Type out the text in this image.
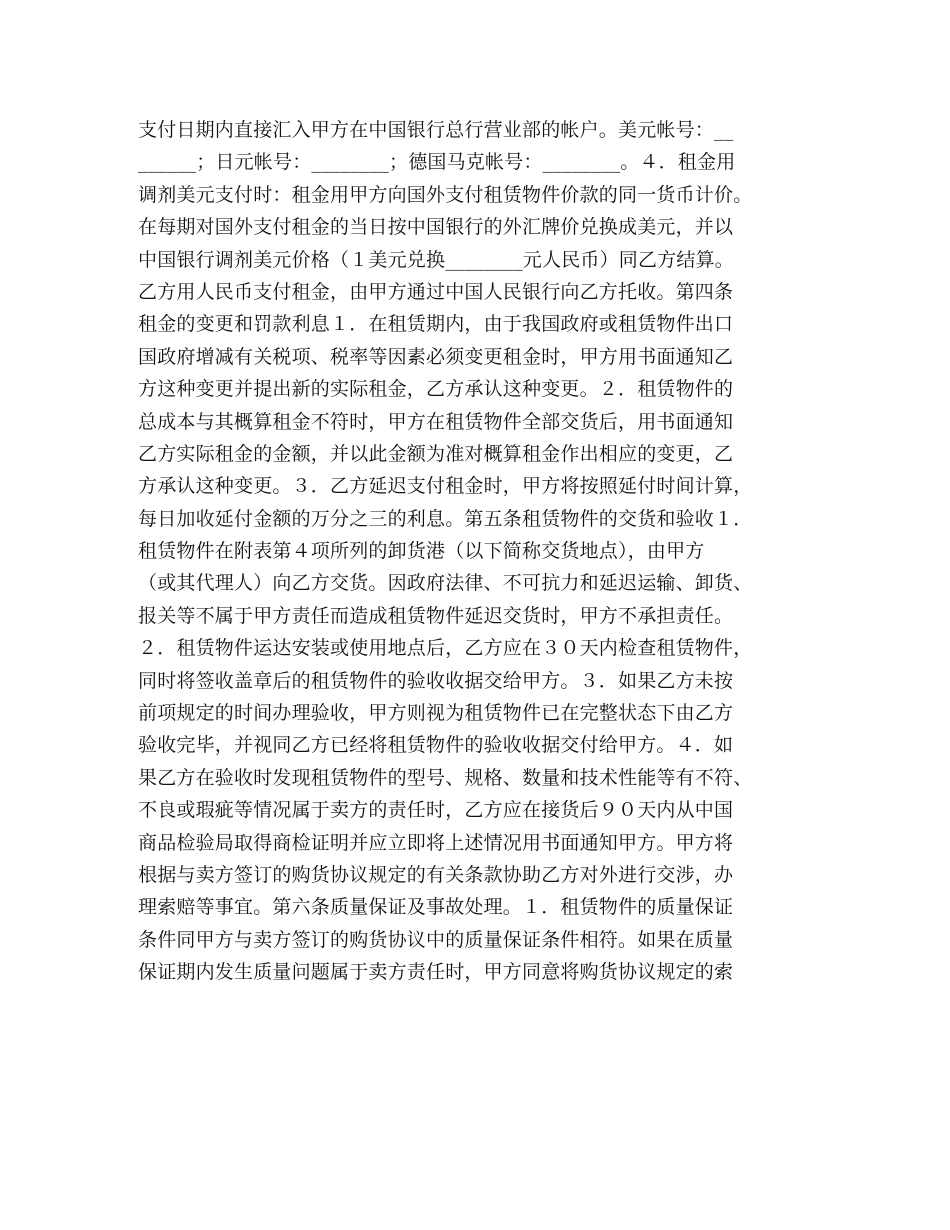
支付日期内直接汇入甲方在中国银行总行营业部的帐户。美元帐号：__
______；日元帐号：________；德国马克帐号：________。４．租金用
调剂美元支付时：租金用甲方向国外支付租赁物件价款的同一货币计价。
在每期对国外支付租金的当日按中国银行的外汇牌价兑换成美元，并以
中国银行调剂美元价格（１美元兑换________元人民币）同乙方结算。
乙方用人民币支付租金，由甲方通过中国人民银行向乙方托收。第四条
租金的变更和罚款利息１．在租赁期内，由于我国政府或租赁物件出口
国政府增减有关税项、税率等因素必须变更租金时，甲方用书面通知乙
方这种变更并提出新的实际租金，乙方承认这种变更。２．租赁物件的
总成本与其概算租金不符时，甲方在租赁物件全部交货后，用书面通知
乙方实际租金的金额，并以此金额为准对概算租金作出相应的变更，乙
方承认这种变更。３．乙方延迟支付租金时，甲方将按照延付时间计算，
每日加收延付金额的万分之三的利息。第五条租赁物件的交货和验收１．
租赁物件在附表第４项所列的卸货港（以下简称交货地点），由甲方
（或其代理人）向乙方交货。因政府法律、不可抗力和延迟运输、卸货、
报关等不属于甲方责任而造成租赁物件延迟交货时，甲方不承担责任。
２．租赁物件运达安装或使用地点后，乙方应在３０天内检查租赁物件，
同时将签收盖章后的租赁物件的验收收据交给甲方。３．如果乙方未按
前项规定的时间办理验收，甲方则视为租赁物件已在完整状态下由乙方
验收完毕，并视同乙方已经将租赁物件的验收收据交付给甲方。４．如
果乙方在验收时发现租赁物件的型号、规格、数量和技术性能等有不符、
不良或瑕疵等情况属于卖方的责任时，乙方应在接货后９０天内从中国
商品检验局取得商检证明并应立即将上述情况用书面通知甲方。甲方将
根据与卖方签订的购货协议规定的有关条款协助乙方对外进行交涉，办
理索赔等事宜。第六条质量保证及事故处理。１．租赁物件的质量保证
条件同甲方与卖方签订的购货协议中的质量保证条件相符。如果在质量
保证期内发生质量问题属于卖方责任时，甲方同意将购货协议规定的索
